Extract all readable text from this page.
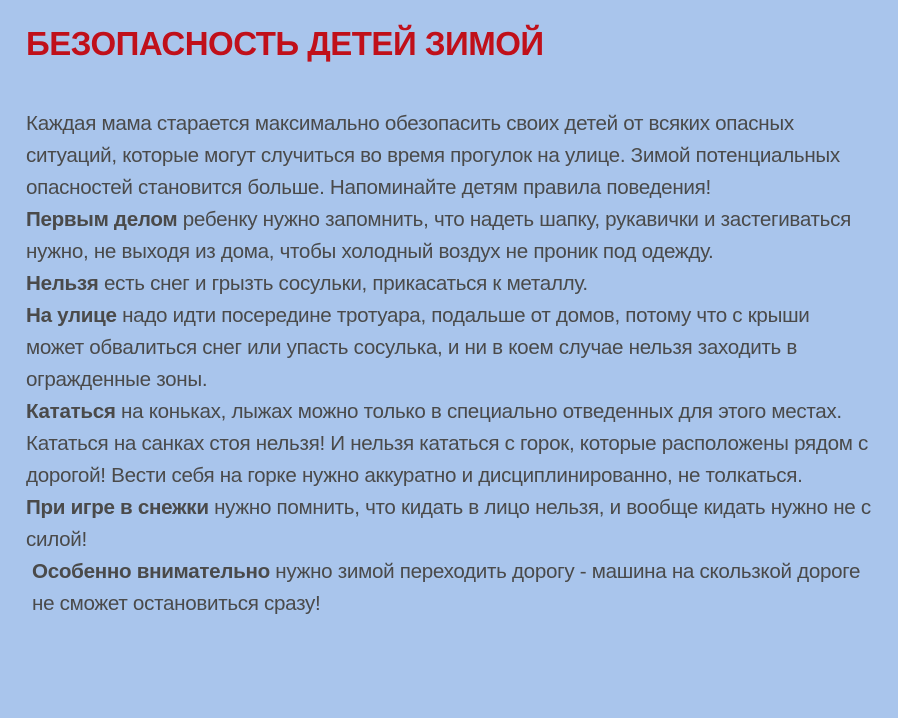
БЕЗОПАСНОСТЬ ДЕТЕЙ ЗИМОЙ

Каждая мама старается максимально обезопасить своих детей от всяких опасных ситуаций, которые могут случиться во время прогулок на улице. Зимой потенциальных опасностей становится больше. Напоминайте детям правила поведения!

Первым делом ребенку нужно запомнить, что надеть шапку, рукавички и застегиваться нужно, не выходя из дома, чтобы холодный воздух не проник под одежду.

Нельзя есть снег и грызть сосульки, прикасаться к металлу.

На улице надо идти посередине тротуара, подальше от домов, потому что с крыши может обвалиться снег или упасть сосулька, и ни в коем случае нельзя заходить в огражденные зоны.

Кататься на коньках, лыжах можно только в специально отведенных для этого местах. Кататься на санках стоя нельзя! И нельзя кататься с горок, которые расположены рядом с дорогой! Вести себя на горке нужно аккуратно и дисциплинированно, не толкаться.

При игре в снежки нужно помнить, что кидать в лицо нельзя, и вообще кидать нужно не с силой!

Особенно внимательно нужно зимой переходить дорогу - машина на скользкой дороге не сможет остановиться сразу!
